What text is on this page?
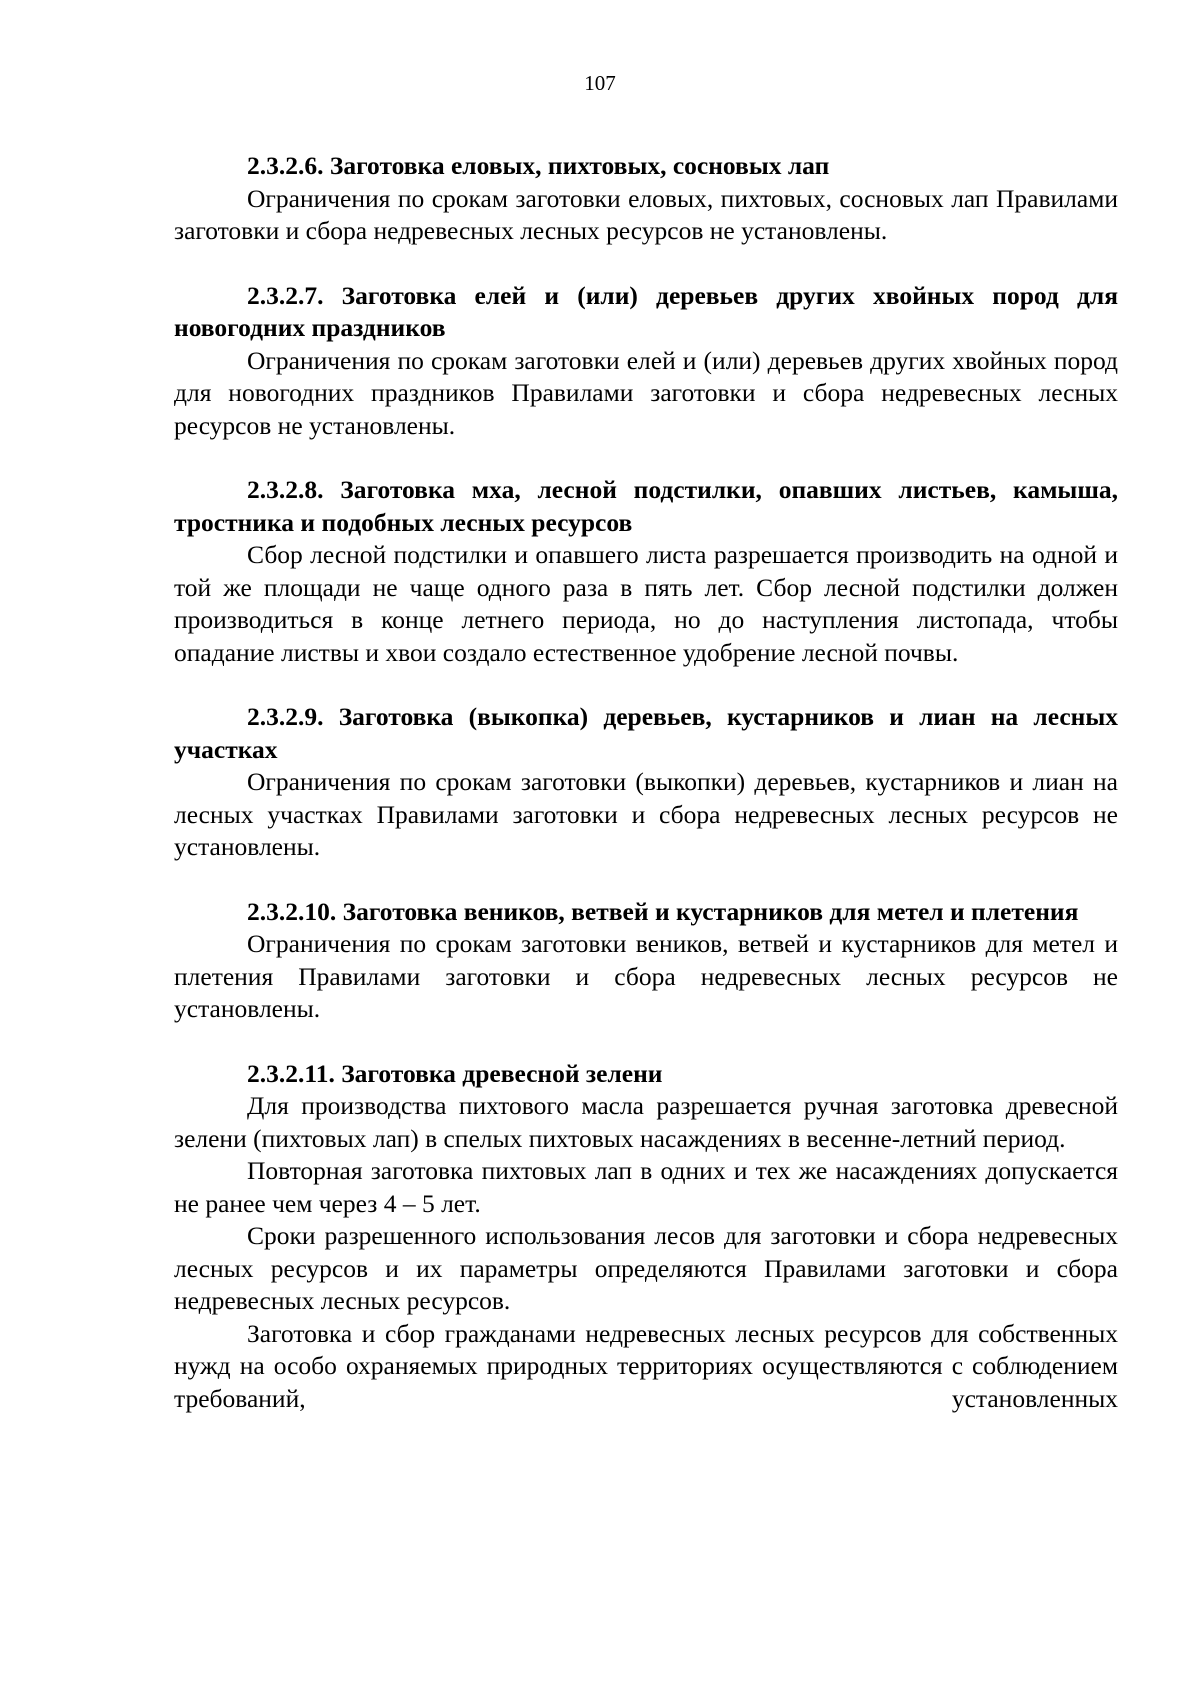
107

2.3.2.6. Заготовка еловых, пихтовых, сосновых лап

Ограничения по срокам заготовки еловых, пихтовых, сосновых лап Правилами заготовки и сбора недревесных лесных ресурсов не установлены.

2.3.2.7. Заготовка елей и (или) деревьев других хвойных пород для новогодних праздников

Ограничения по срокам заготовки елей и (или) деревьев других хвойных пород для новогодних праздников Правилами заготовки и сбора недревесных лесных ресурсов не установлены.

2.3.2.8. Заготовка мха, лесной подстилки, опавших листьев, камыша, тростника и подобных лесных ресурсов

Сбор лесной подстилки и опавшего листа разрешается производить на одной и той же площади не чаще одного раза в пять лет. Сбор лесной подстилки должен производиться в конце летнего периода, но до наступления листопада, чтобы опадание листвы и хвои создало естественное удобрение лесной почвы.

2.3.2.9. Заготовка (выкопка) деревьев, кустарников и лиан на лесных участках

Ограничения по срокам заготовки (выкопки) деревьев, кустарников и лиан на лесных участках Правилами заготовки и сбора недревесных лесных ресурсов не установлены.

2.3.2.10. Заготовка веников, ветвей и кустарников для метел и плетения

Ограничения по срокам заготовки веников, ветвей и кустарников для метел и плетения Правилами заготовки и сбора недревесных лесных ресурсов не установлены.

2.3.2.11. Заготовка древесной зелени

Для производства пихтового масла разрешается ручная заготовка древесной зелени (пихтовых лап) в спелых пихтовых насаждениях в весенне-летний период.

Повторная заготовка пихтовых лап в одних и тех же насаждениях допускается не ранее чем через 4 – 5 лет.

Сроки разрешенного использования лесов для заготовки и сбора недревесных лесных ресурсов и их параметры определяются Правилами заготовки и сбора недревесных лесных ресурсов.

Заготовка и сбор гражданами недревесных лесных ресурсов для собственных нужд на особо охраняемых природных территориях осуществляются с соблюдением требований, установленных
